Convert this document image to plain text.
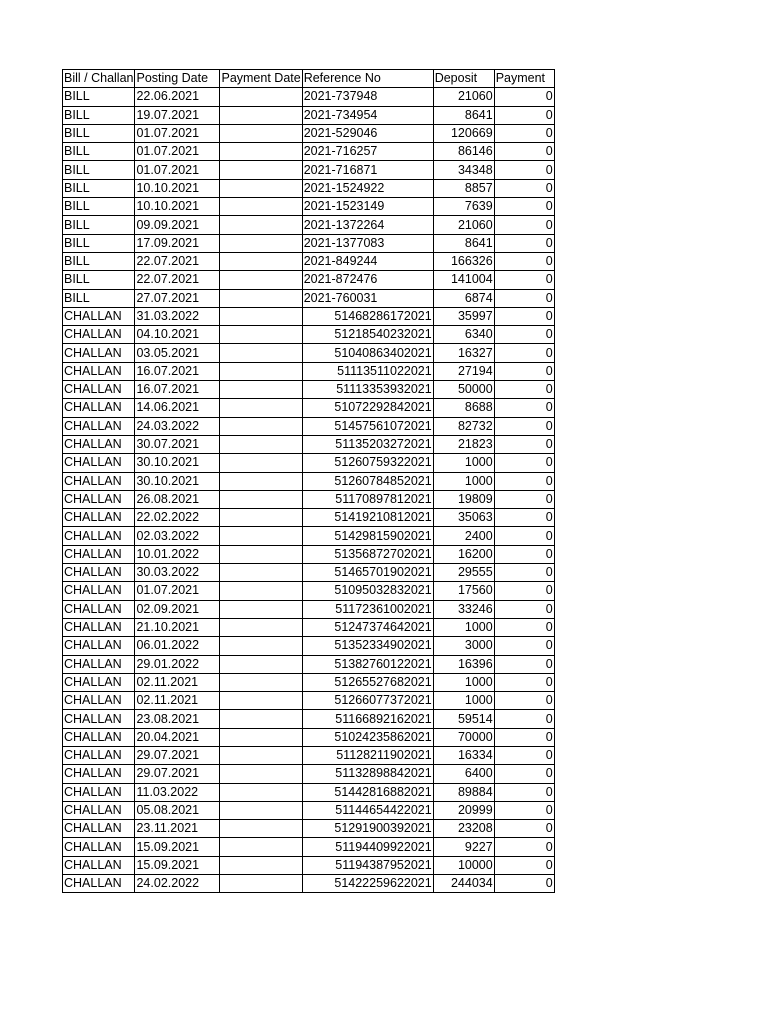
Bill / Challan	Posting Date	Payment Date	Reference No	Deposit	Payment
BILL	22.06.2021		2021-737948	21060	0
BILL	19.07.2021		2021-734954	8641	0
BILL	01.07.2021		2021-529046	120669	0
BILL	01.07.2021		2021-716257	86146	0
BILL	01.07.2021		2021-716871	34348	0
BILL	10.10.2021		2021-1524922	8857	0
BILL	10.10.2021		2021-1523149	7639	0
BILL	09.09.2021		2021-1372264	21060	0
BILL	17.09.2021		2021-1377083	8641	0
BILL	22.07.2021		2021-849244	166326	0
BILL	22.07.2021		2021-872476	141004	0
BILL	27.07.2021		2021-760031	6874	0
CHALLAN	31.03.2022		51468286172021	35997	0
CHALLAN	04.10.2021		51218540232021	6340	0
CHALLAN	03.05.2021		51040863402021	16327	0
CHALLAN	16.07.2021		51113511022021	27194	0
CHALLAN	16.07.2021		51113353932021	50000	0
CHALLAN	14.06.2021		51072292842021	8688	0
CHALLAN	24.03.2022		51457561072021	82732	0
CHALLAN	30.07.2021		51135203272021	21823	0
CHALLAN	30.10.2021		51260759322021	1000	0
CHALLAN	30.10.2021		51260784852021	1000	0
CHALLAN	26.08.2021		51170897812021	19809	0
CHALLAN	22.02.2022		51419210812021	35063	0
CHALLAN	02.03.2022		51429815902021	2400	0
CHALLAN	10.01.2022		51356872702021	16200	0
CHALLAN	30.03.2022		51465701902021	29555	0
CHALLAN	01.07.2021		51095032832021	17560	0
CHALLAN	02.09.2021		51172361002021	33246	0
CHALLAN	21.10.2021		51247374642021	1000	0
CHALLAN	06.01.2022		51352334902021	3000	0
CHALLAN	29.01.2022		51382760122021	16396	0
CHALLAN	02.11.2021		51265527682021	1000	0
CHALLAN	02.11.2021		51266077372021	1000	0
CHALLAN	23.08.2021		51166892162021	59514	0
CHALLAN	20.04.2021		51024235862021	70000	0
CHALLAN	29.07.2021		51128211902021	16334	0
CHALLAN	29.07.2021		51132898842021	6400	0
CHALLAN	11.03.2022		51442816882021	89884	0
CHALLAN	05.08.2021		51144654422021	20999	0
CHALLAN	23.11.2021		51291900392021	23208	0
CHALLAN	15.09.2021		51194409922021	9227	0
CHALLAN	15.09.2021		51194387952021	10000	0
CHALLAN	24.02.2022		51422259622021	244034	0
